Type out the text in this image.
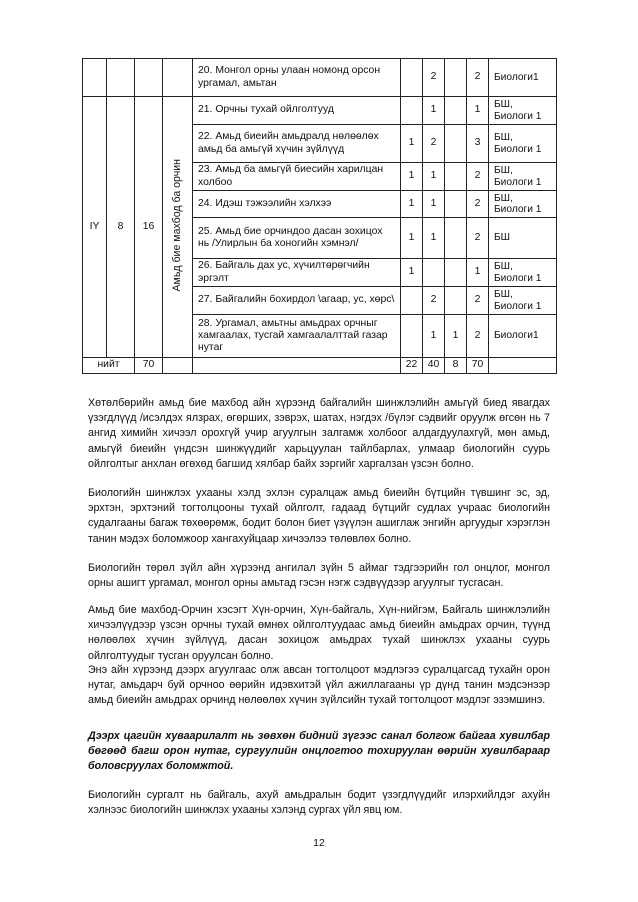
				20. Монгол орны улаан номонд орсон ургамал, амьтан		2		2	Биологи1
IY	8	16	Амьд бие махбод ба орчин	21. Орчны тухай ойлголтууд		1		1	БШ,
Биологи 1
				22. Амьд биеийн амьдралд нөлөөлөх амьд ба амьгүй хүчин зүйлүүд	1	2		3	БШ,
Биологи 1
				23. Амьд ба амьгүй биесийн харилцан холбоо	1	1		2	БШ,
Биологи 1
				24. Идэш тэжээлийн хэлхээ	1	1		2	БШ,
Биологи 1
				25. Амьд бие орчиндоо дасан зохицох нь /Улирлын ба хоногийн хэмнэл/	1	1		2	БШ
				26. Байгаль дах ус, хүчилтөрөгчийн эргэлт	1			1	БШ,
Биологи 1
				27. Байгалийн бохирдол \агаар, ус, хөрс\		2		2	БШ,
Биологи 1
				28. Ургамал, амьтны амьдрах орчныг хамгаалах, тусгай хамгаалалттай газар нутаг		1	1	2	Биологи1
нийт		70			22	40	8	70	

Хөтөлбөрийн амьд бие махбод айн хүрээнд байгалийн шинжлэлийн амьгүй биед явагдах үзэгдлүүд /исэлдэх ялзрах, өгөрших, зэврэх, шатах, нэгдэх /бүлэг сэдвийг оруулж өгсөн нь 7 ангид химийн хичээл орохгүй учир агуулгын залгамж холбоог алдагдуулахгүй, мөн амьд, амьгүй биеийн үндсэн шинжүүдийг харьцуулан тайлбарлах, улмаар биологийн суурь ойлголтыг анхлан өгөхөд багшид хялбар байх зэргийг харгалзан үзсэн болно.

Биологийн шинжлэх ухааны хэлд эхлэн суралцаж амьд биеийн бүтцийн түвшинг эс, эд, эрхтэн, эрхтэний тогтолцооны тухай ойлголт, гадаад бүтцийг судлах учраас биологийн судалгааны багаж төхөөрөмж, бодит болон биет үзүүлэн ашиглаж энгийн аргуудыг хэрэглэн танин мэдэх боломжоор хангахуйцаар хичээлээ төлөвлөх болно.

Биологийн төрөл зүйл айн хүрээнд ангилал зүйн 5 аймаг тэдгээрийн гол онцлог, монгол орны ашигт ургамал, монгол орны амьтад гэсэн нэгж сэдвүүдээр агуулгыг тусгасан.

Амьд бие махбод-Орчин хэсэгт Хүн-орчин, Хүн-байгаль, Хүн-нийгэм, Байгаль шинжлэлийн хичээлүүдээр үзсэн орчны тухай өмнөх ойлголтуудаас амьд биеийн амьдрах орчин, түүнд нөлөөлөх хүчин зүйлүүд, дасан зохицож амьдрах тухай шинжлэх ухааны суурь ойлголтуудыг тусган оруулсан болно.

Энэ айн хүрээнд дээрх агуулгаас олж авсан тогтолцоот мэдлэгээ суралцагсад тухайн орон нутаг, амьдарч буй орчноо өөрийн идэвхитэй үйл ажиллагааны үр дүнд танин мэдсэнээр амьд биеийн амьдрах орчинд нөлөөлөх хүчин зүйлсийн тухай тогтолцоот мэдлэг эзэмшинэ.

Дээрх цагийн хуваарилалт нь зөвхөн бидний зүгээс санал болгож байгаа хувилбар бөгөөд багш орон нутаг, сургуулийн онцлогтоо тохируулан өөрийн хувилбараар боловсруулах боломжтой.

Биологийн сургалт нь байгаль, ахуй амьдралын бодит үзэгдлүүдийг илэрхийлдэг ахуйн хэлнээс биологийн шинжлэх ухааны хэлэнд сургах үйл явц юм.

12
